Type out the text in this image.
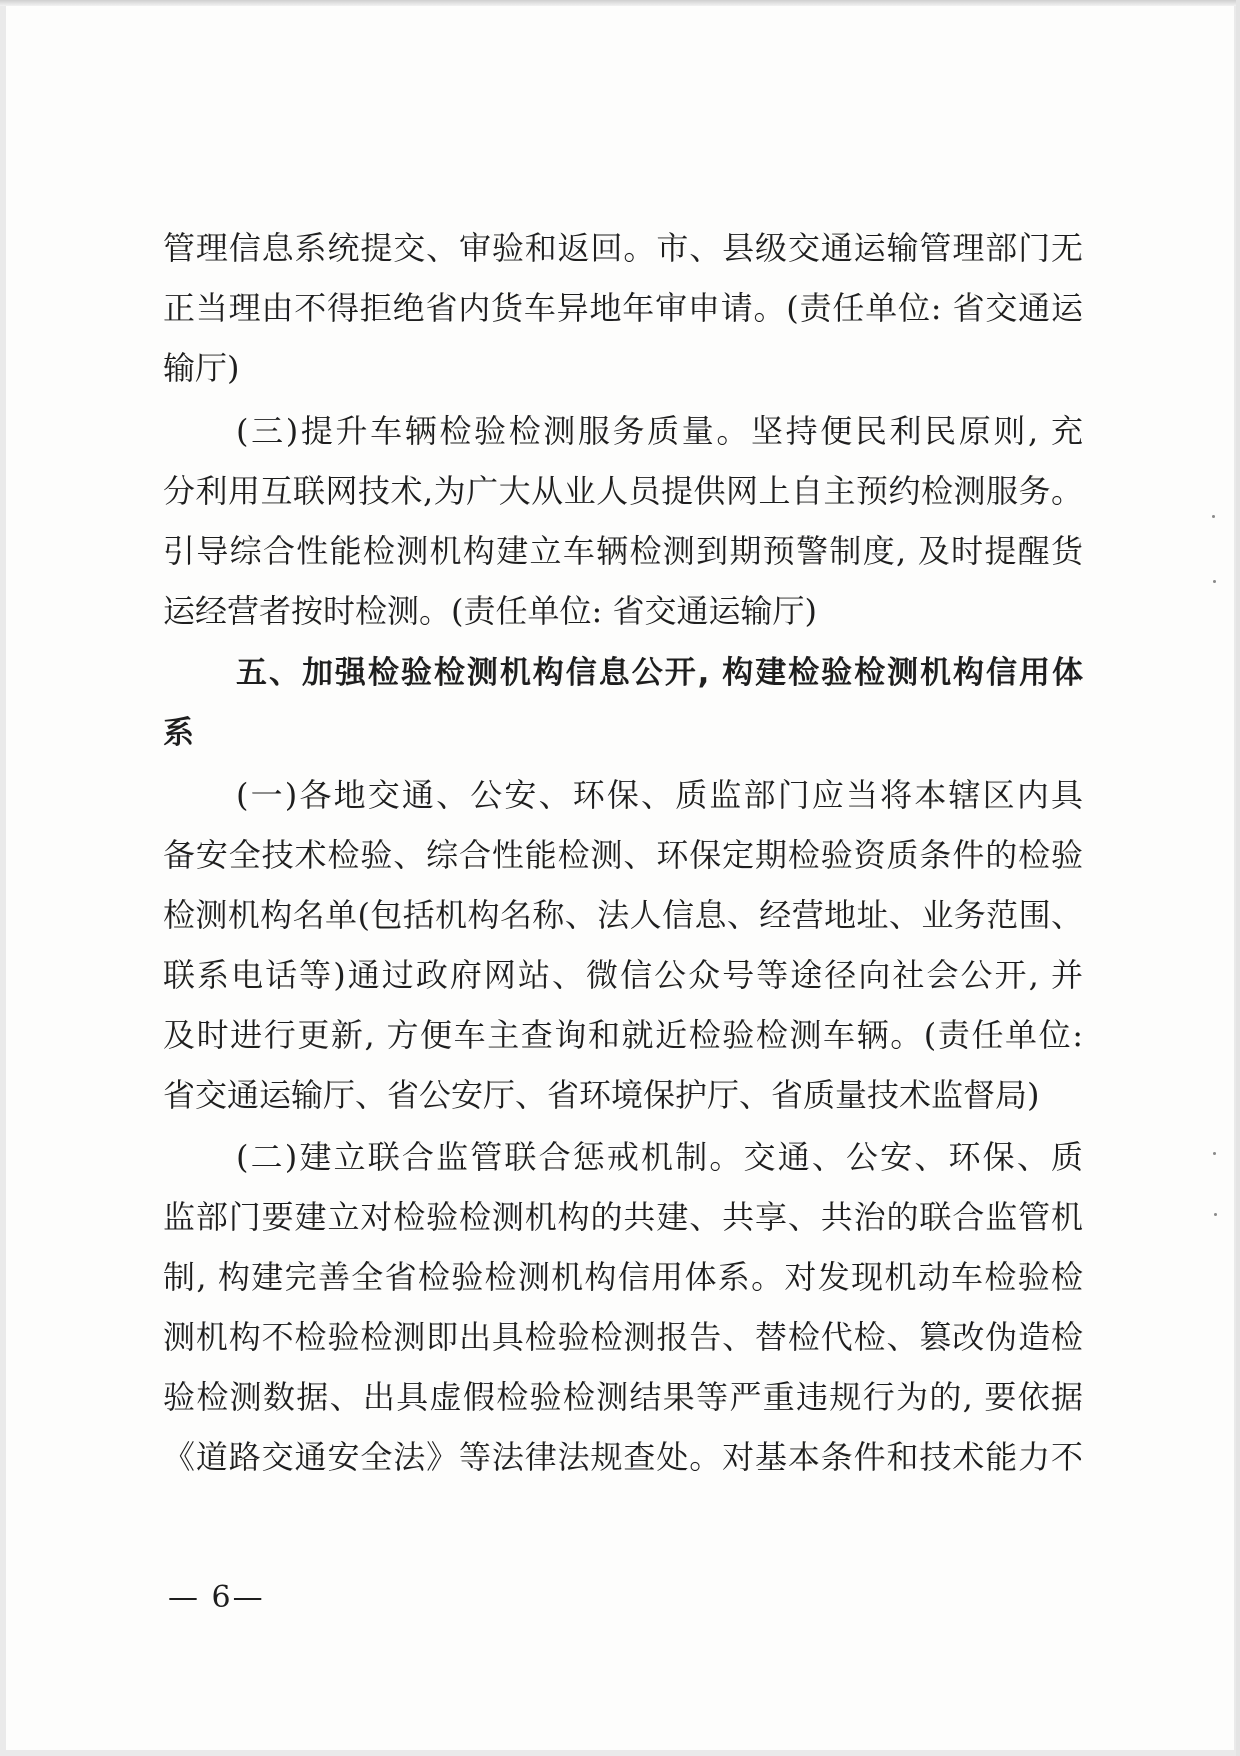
管理信息系统提交、审验和返回。市、县级交通运输管理部门无
正当理由不得拒绝省内货车异地年审申请。(责任单位: 省交通运
输厅)
(三)提升车辆检验检测服务质量。坚持便民利民原则, 充
分利用互联网技术,为广大从业人员提供网上自主预约检测服务。
引导综合性能检测机构建立车辆检测到期预警制度, 及时提醒货
运经营者按时检测。(责任单位: 省交通运输厅)
五、加强检验检测机构信息公开, 构建检验检测机构信用体
系
(一)各地交通、公安、环保、质监部门应当将本辖区内具
备安全技术检验、综合性能检测、环保定期检验资质条件的检验
检测机构名单(包括机构名称、法人信息、经营地址、业务范围、
联系电话等)通过政府网站、微信公众号等途径向社会公开, 并
及时进行更新, 方便车主查询和就近检验检测车辆。(责任单位:
省交通运输厅、省公安厅、省环境保护厅、省质量技术监督局)
(二)建立联合监管联合惩戒机制。交通、公安、环保、质
监部门要建立对检验检测机构的共建、共享、共治的联合监管机
制, 构建完善全省检验检测机构信用体系。对发现机动车检验检
测机构不检验检测即出具检验检测报告、替检代检、篡改伪造检
验检测数据、出具虚假检验检测结果等严重违规行为的, 要依据
《道路交通安全法》等法律法规查处。对基本条件和技术能力不
— 6—
